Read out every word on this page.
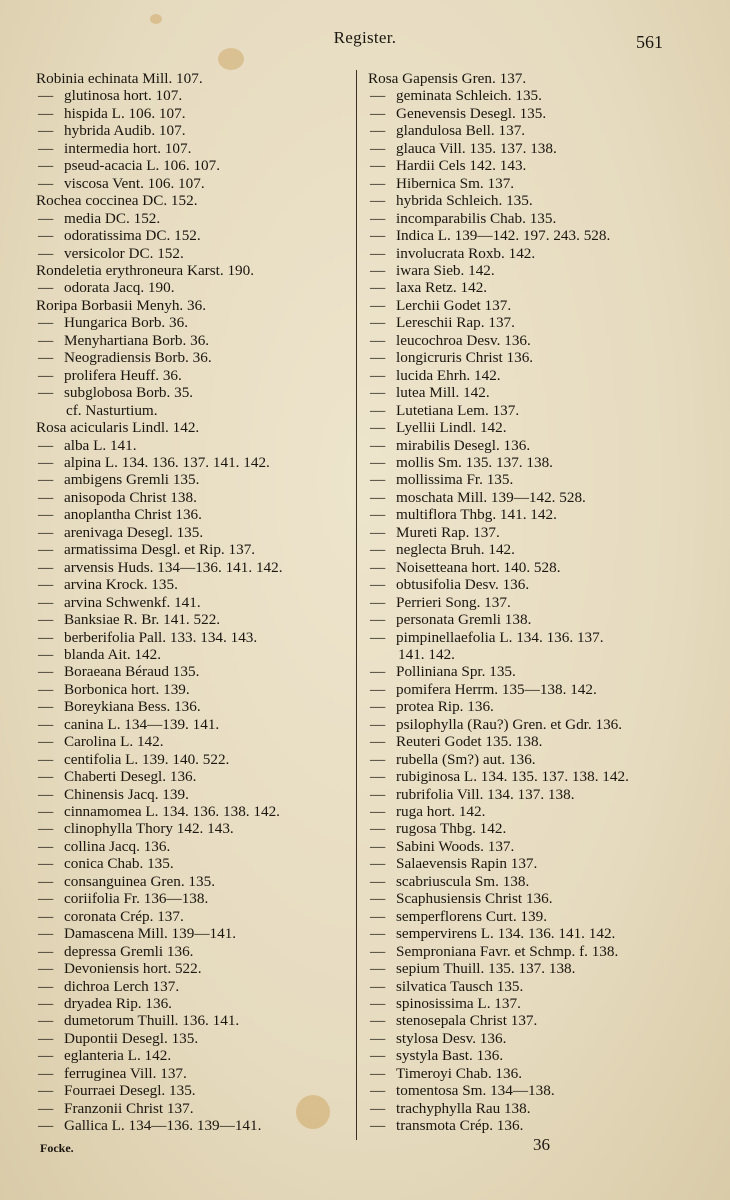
Register.	561
Robinia echinata Mill. 107.
— glutinosa hort. 107.
— hispida L. 106. 107.
— hybrida Audib. 107.
— intermedia hort. 107.
— pseud-acacia L. 106. 107.
— viscosa Vent. 106. 107.
Rochea coccinea DC. 152.
— media DC. 152.
— odoratissima DC. 152.
— versicolor DC. 152.
Rondeletia erythroneura Karst. 190.
— odorata Jacq. 190.
Roripa Borbasii Menyh. 36.
— Hungarica Borb. 36.
— Menyhartiana Borb. 36.
— Neogradiensis Borb. 36.
— prolifera Heuff. 36.
— subglobosa Borb. 35.
cf. Nasturtium.
Rosa acicularis Lindl. 142.
— alba L. 141.
— alpina L. 134. 136. 137. 141. 142.
— ambigens Gremli 135.
— anisopoda Christ 138.
— anoplantha Christ 136.
— arenivaga Desegl. 135.
— armatissima Desgl. et Rip. 137.
— arvensis Huds. 134—136. 141. 142.
— arvina Krock. 135.
— arvina Schwenkf. 141.
— Banksiae R. Br. 141. 522.
— berberifolia Pall. 133. 134. 143.
— blanda Ait. 142.
— Boraeana Béraud 135.
— Borbonica hort. 139.
— Boreykiana Bess. 136.
— canina L. 134—139. 141.
— Carolina L. 142.
— centifolia L. 139. 140. 522.
— Chaberti Desegl. 136.
— Chinensis Jacq. 139.
— cinnamomea L. 134. 136. 138. 142.
— clinophylla Thory 142. 143.
— collina Jacq. 136.
— conica Chab. 135.
— consanguinea Gren. 135.
— coriifolia Fr. 136—138.
— coronata Crép. 137.
— Damascena Mill. 139—141.
— depressa Gremli 136.
— Devoniensis hort. 522.
— dichroa Lerch 137.
— dryadea Rip. 136.
— dumetorum Thuill. 136. 141.
— Dupontii Desegl. 135.
— eglanteria L. 142.
— ferruginea Vill. 137.
— Fourraei Desegl. 135.
— Franzonii Christ 137.
— Gallica L. 134—136. 139—141.
Rosa Gapensis Gren. 137.
— geminata Schleich. 135.
— Genevensis Desegl. 135.
— glandulosa Bell. 137.
— glauca Vill. 135. 137. 138.
— Hardii Cels 142. 143.
— Hibernica Sm. 137.
— hybrida Schleich. 135.
— incomparabilis Chab. 135.
— Indica L. 139—142. 197. 243. 528.
— involucrata Roxb. 142.
— iwara Sieb. 142.
— laxa Retz. 142.
— Lerchii Godet 137.
— Lereschii Rap. 137.
— leucochroa Desv. 136.
— longicruris Christ 136.
— lucida Ehrh. 142.
— lutea Mill. 142.
— Lutetiana Lem. 137.
— Lyellii Lindl. 142.
— mirabilis Desegl. 136.
— mollis Sm. 135. 137. 138.
— mollissima Fr. 135.
— moschata Mill. 139—142. 528.
— multiflora Thbg. 141. 142.
— Mureti Rap. 137.
— neglecta Bruh. 142.
— Noisetteana hort. 140. 528.
— obtusifolia Desv. 136.
— Perrieri Song. 137.
— personata Gremli 138.
— pimpinellaefolia L. 134. 136. 137.
141. 142.
— Polliniana Spr. 135.
— pomifera Herrm. 135—138. 142.
— protea Rip. 136.
— psilophylla (Rau?) Gren. et Gdr. 136.
— Reuteri Godet 135. 138.
— rubella (Sm?) aut. 136.
— rubiginosa L. 134. 135. 137. 138. 142.
— rubrifolia Vill. 134. 137. 138.
— ruga hort. 142.
— rugosa Thbg. 142.
— Sabini Woods. 137.
— Salaevensis Rapin 137.
— scabriuscula Sm. 138.
— Scaphusiensis Christ 136.
— semperflorens Curt. 139.
— sempervirens L. 134. 136. 141. 142.
— Semproniana Favr. et Schmp. f. 138.
— sepium Thuill. 135. 137. 138.
— silvatica Tausch 135.
— spinosissima L. 137.
— stenosepala Christ 137.
— stylosa Desv. 136.
— systyla Bast. 136.
— Timeroyi Chab. 136.
— tomentosa Sm. 134—138.
— trachyphylla Rau 138.
— transmota Crép. 136.
Focke.	36
